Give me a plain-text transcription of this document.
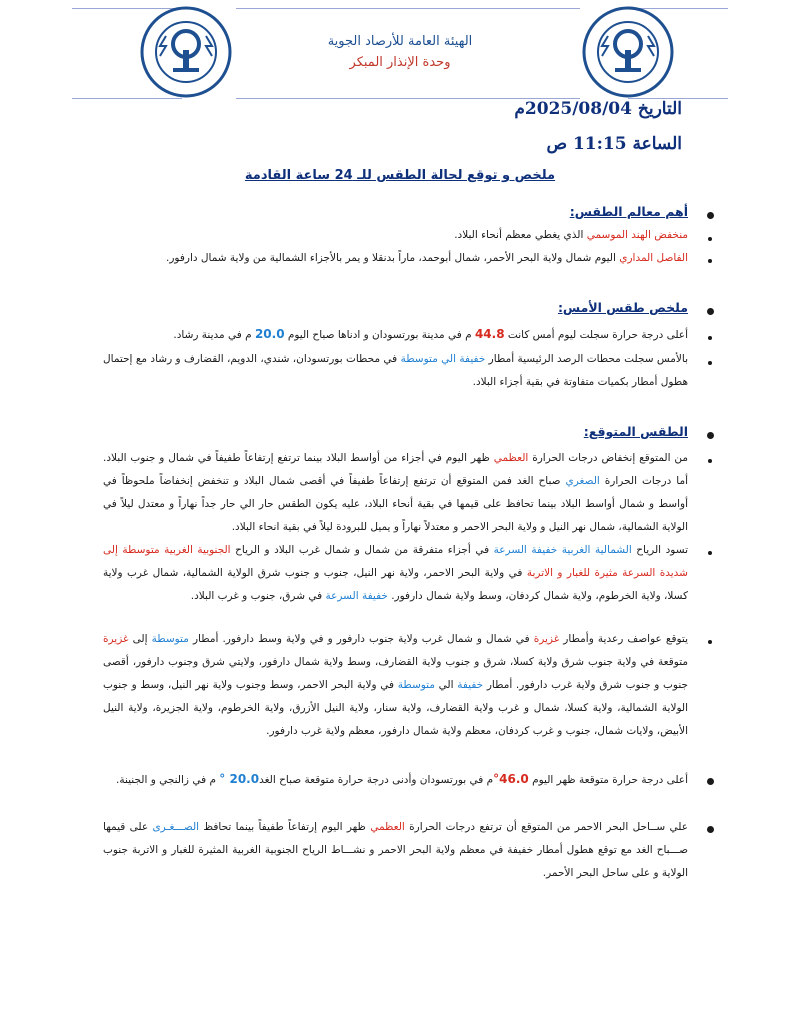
الهيئة العامة للأرصاد الجوية
وحدة الإنذار المبكر
التاريخ 2025/08/04م
الساعة 11:15 ص
ملخص و توقع لحالة الطقس للـ 24 ساعة القادمة
أهم معالم الطقس:
منخفض الهند الموسمي الذي يغطي معظم أنحاء البلاد.
الفاصل المداري اليوم شمال ولاية البحر الأحمر، شمال أبوحمد، ماراً بدنقلا و يمر بالأجزاء الشمالية من ولاية شمال دارفور.
ملخص طقس الأمس:
أعلى درجة حرارة سجلت ليوم أمس كانت 44.8 م في مدينة بورتسودان و ادناها صباح اليوم 20.0 م في مدينة رشاد.
بالأمس سجلت محطات الرصد الرئيسية أمطار خفيفة الي متوسطة في محطات بورتسودان، شندي، الدويم، القضارف و رشاد مع إحتمال هطول أمطار بكميات متفاوتة في بقية أجزاء البلاد.
الطقس المتوقع:
من المتوقع إنخفاض درجات الحرارة العظمي ظهر اليوم في أجزاء من أواسط البلاد بينما ترتفع إرتفاعاً طفيفاً في شمال و جنوب البلاد. أما درجات الحرارة الصغري صباح الغد فمن المتوقع أن ترتفع إرتفاعاً طفيفاً في أقصى شمال البلاد و تنخفض إنخفاضاً ملحوظاً في أواسط و شمال أواسط البلاد بينما تحافظ على قيمها في بقية أنحاء البلاد، عليه يكون الطقس حار الي حار جداً نهاراً و معتدل ليلاً في الولاية الشمالية، شمال نهر النيل و ولاية البحر الاحمر و معتدلاً نهاراً و يميل للبرودة ليلاً في بقية انحاء البلاد.
تسود الرياح الشمالية الغربية خفيفة السرعة في أجزاء متفرقة من شمال و شمال غرب البلاد و الرياح الجنوبية الغربية متوسطة إلى شديدة السرعة مثيرة للغبار و الاتربة في ولاية البحر الاحمر، ولاية نهر النيل، جنوب و جنوب شرق الولاية الشمالية، شمال غرب ولاية كسلا، ولاية الخرطوم، ولاية شمال كردفان، وسط ولاية شمال دارفور. خفيفة السرعة في شرق، جنوب و غرب البلاد.
يتوقع عواصف رعدية وأمطار غزيرة في شمال و شمال غرب ولاية جنوب دارفور و في ولاية وسط دارفور. أمطار متوسطة إلى غزيرة متوقعة في ولاية جنوب شرق ولاية كسلا، شرق و جنوب ولاية القضارف، وسط ولاية شمال دارفور، ولايتي شرق وجنوب دارفور، أقصى جنوب و جنوب شرق ولاية غرب دارفور. أمطار خفيفة الي متوسطة في ولاية البحر الاحمر، وسط وجنوب ولاية نهر النيل، وسط و جنوب الولاية الشمالية، ولاية كسلا، شمال و غرب ولاية القضارف، ولاية سنار، ولاية النيل الأزرق، ولاية الخرطوم، ولاية الجزيرة، ولاية النيل الأبيض، ولايات شمال، جنوب و غرب كردفان، معظم ولاية شمال دارفور، معظم ولاية غرب دارفور.
أعلى درجة حرارة متوقعة ظهر اليوم 46.0°م في بورتسودان وأدنى درجة حرارة متوقعة صباح الغد20.0 ° م في زالنجي و الجنينة.
علي ســاحل البحر الاحمر من المتوقع أن ترتفع درجات الحرارة العظمي ظهر اليوم إرتفاعاً طفيفاً بينما تحافظ الصـــغـرى على قيمها صـــباح الغد مع توقع هطول أمطار خفيفة في معظم ولاية البحر الاحمر و نشـــاط الرياح الجنوبية الغربية المثيرة للغبار و الاتربة جنوب الولاية و على ساحل البحر الأحمر.
